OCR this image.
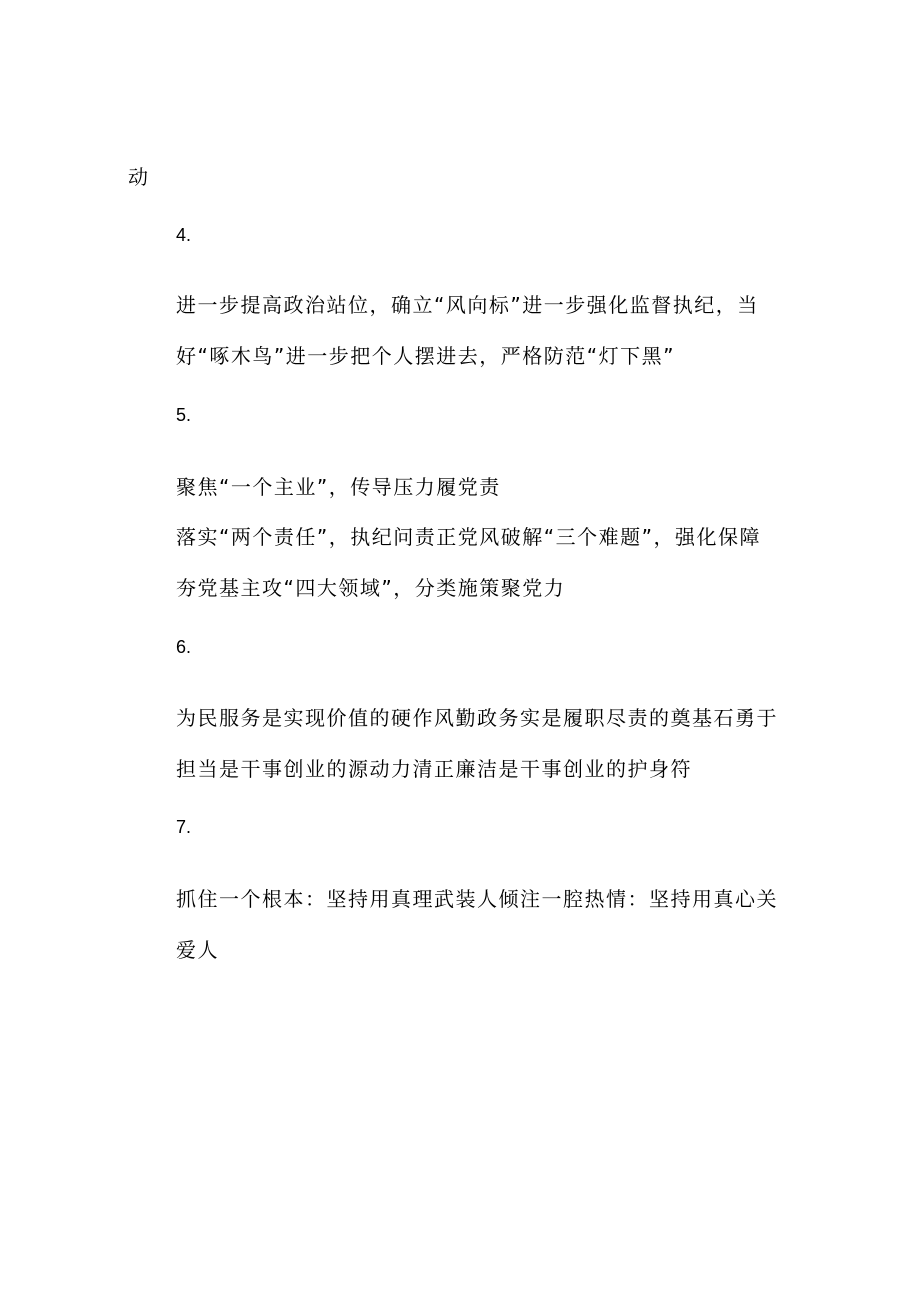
动
4.
进一步提高政治站位，确立“风向标”进一步强化监督执纪，当
好“啄木鸟”进一步把个人摆进去，严格防范“灯下黑”
5.
聚焦“一个主业”，传导压力履党责
落实“两个责任”，执纪问责正党风破解“三个难题”，强化保障
夯党基主攻“四大领域”，分类施策聚党力
6.
为民服务是实现价值的硬作风勤政务实是履职尽责的奠基石勇于
担当是干事创业的源动力清正廉洁是干事创业的护身符
7.
抓住一个根本：坚持用真理武装人倾注一腔热情：坚持用真心关
爱人
